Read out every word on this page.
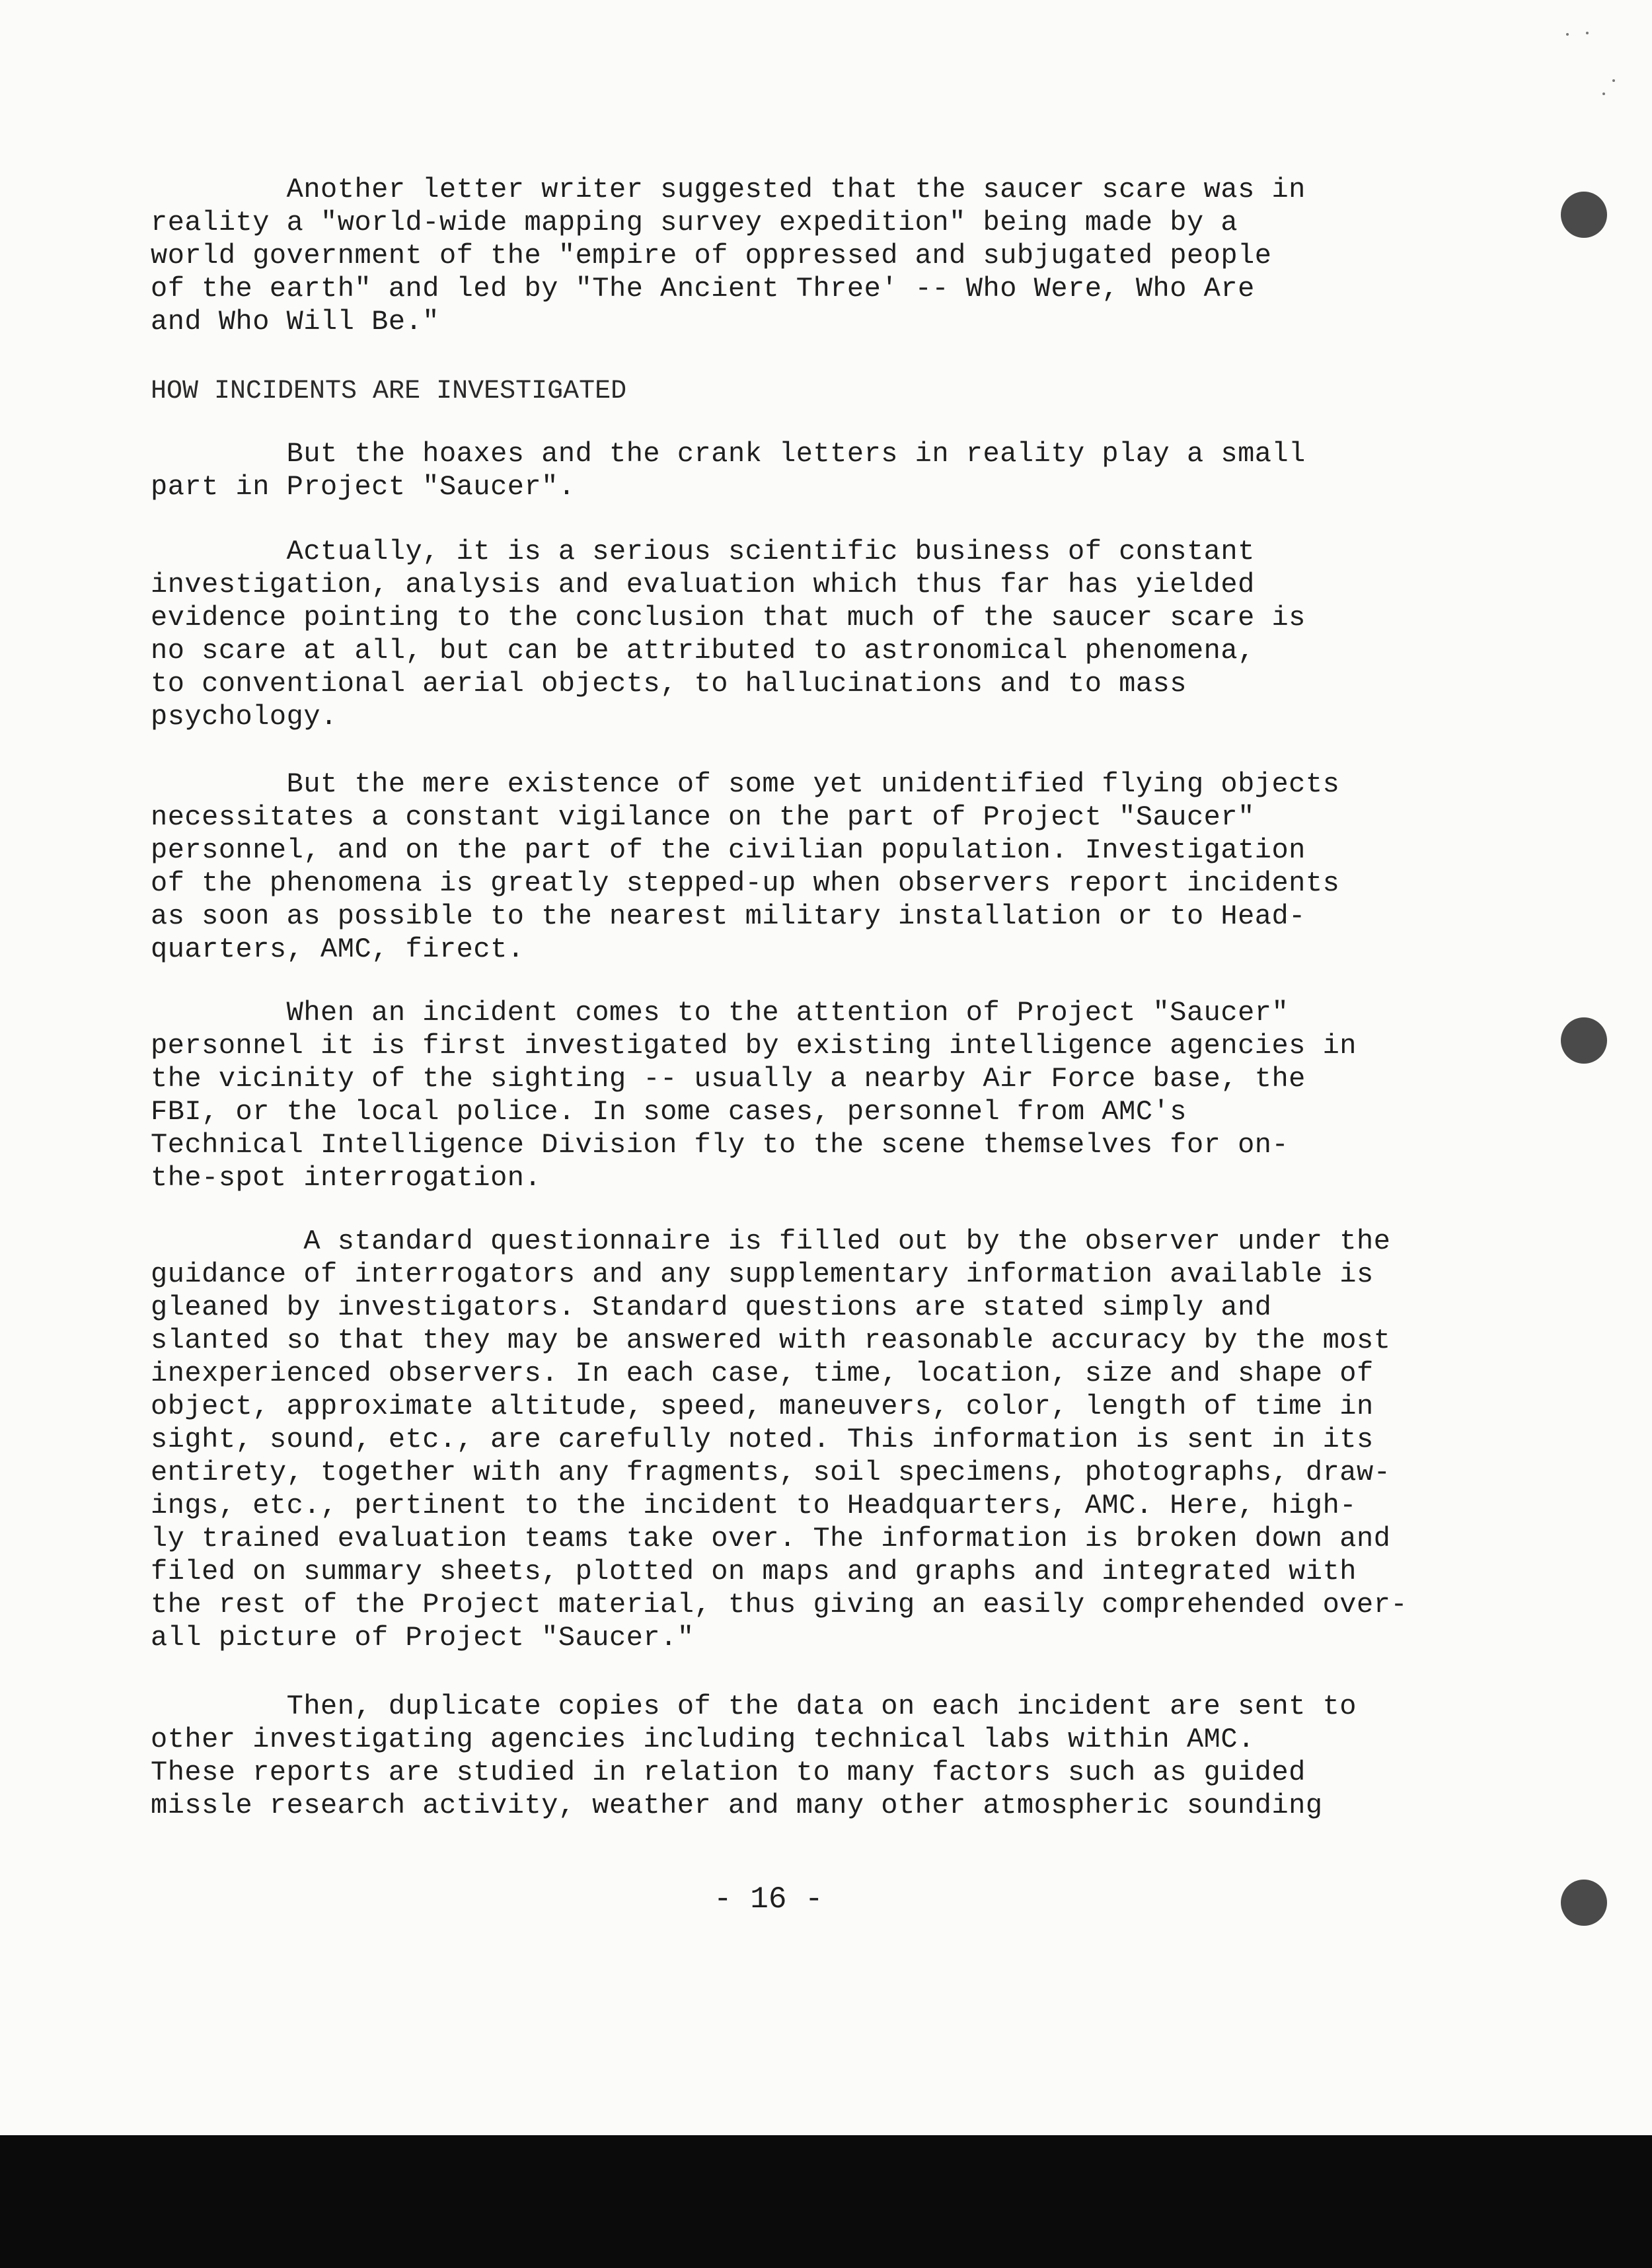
Another letter writer suggested that the saucer scare was in
reality a "world-wide mapping survey expedition" being made by a
world government of the "empire of oppressed and subjugated people
of the earth" and led by "The Ancient Three' -- Who Were, Who Are
and Who Will Be."
HOW INCIDENTS ARE INVESTIGATED
But the hoaxes and the crank letters in reality play a small
part in Project "Saucer".
Actually, it is a serious scientific business of constant
investigation, analysis and evaluation which thus far has yielded
evidence pointing to the conclusion that much of the saucer scare is
no scare at all, but can be attributed to astronomical phenomena,
to conventional aerial objects, to hallucinations and to mass
psychology.
But the mere existence of some yet unidentified flying objects
necessitates a constant vigilance on the part of Project "Saucer"
personnel, and on the part of the civilian population. Investigation
of the phenomena is greatly stepped-up when observers report incidents
as soon as possible to the nearest military installation or to Head-
quarters, AMC, firect.
When an incident comes to the attention of Project "Saucer"
personnel it is first investigated by existing intelligence agencies in
the vicinity of the sighting -- usually a nearby Air Force base, the
FBI, or the local police. In some cases, personnel from AMC's
Technical Intelligence Division fly to the scene themselves for on-
the-spot interrogation.
A standard questionnaire is filled out by the observer under the
guidance of interrogators and any supplementary information available is
gleaned by investigators. Standard questions are stated simply and
slanted so that they may be answered with reasonable accuracy by the most
inexperienced observers. In each case, time, location, size and shape of
object, approximate altitude, speed, maneuvers, color, length of time in
sight, sound, etc., are carefully noted. This information is sent in its
entirety, together with any fragments, soil specimens, photographs, draw-
ings, etc., pertinent to the incident to Headquarters, AMC. Here, high-
ly trained evaluation teams take over. The information is broken down and
filed on summary sheets, plotted on maps and graphs and integrated with
the rest of the Project material, thus giving an easily comprehended over-
all picture of Project "Saucer."
Then, duplicate copies of the data on each incident are sent to
other investigating agencies including technical labs within AMC.
These reports are studied in relation to many factors such as guided
missle research activity, weather and many other atmospheric sounding
- 16 -
